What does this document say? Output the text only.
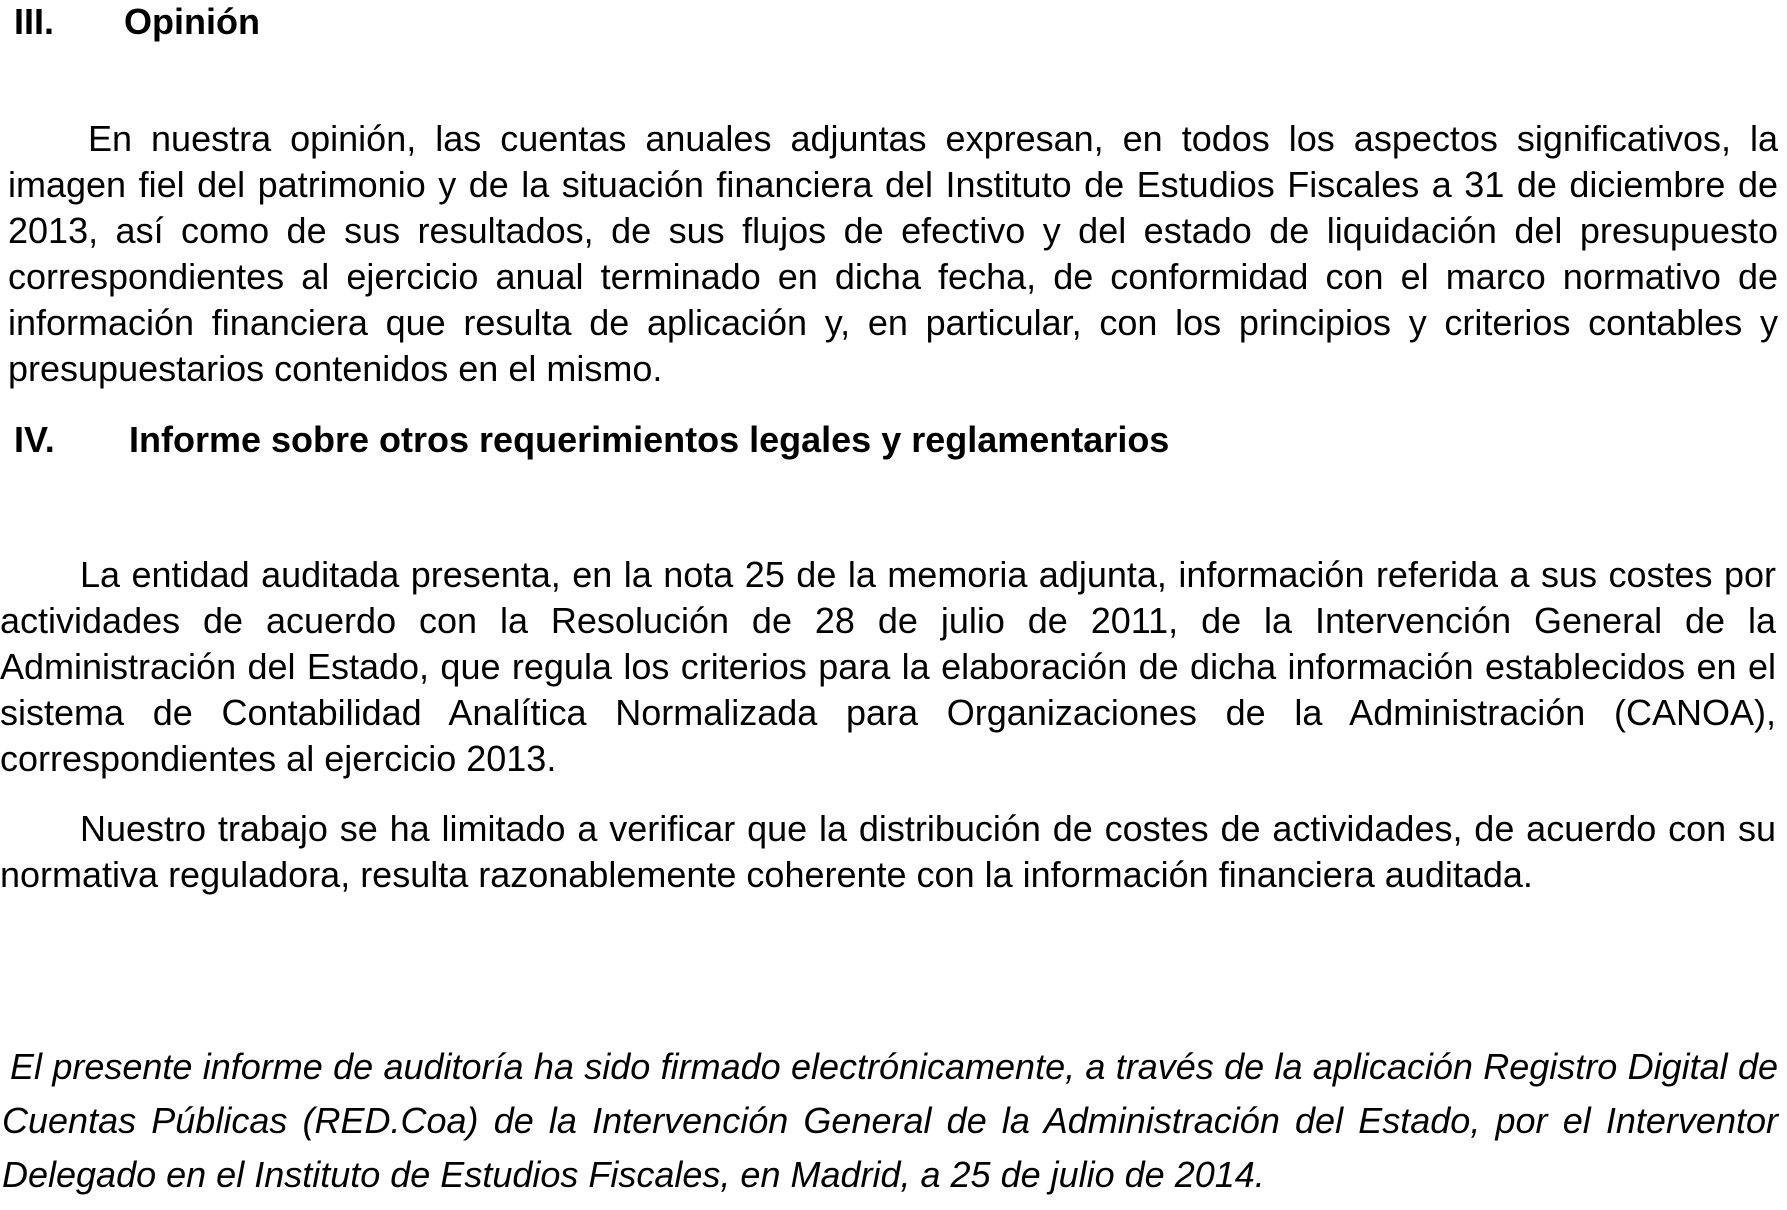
III. Opinión

En nuestra opinión, las cuentas anuales adjuntas expresan, en todos los aspectos significativos, la imagen fiel del patrimonio y de la situación financiera del Instituto de Estudios Fiscales a 31 de diciembre de 2013, así como de sus resultados, de sus flujos de efectivo y del estado de liquidación del presupuesto correspondientes al ejercicio anual terminado en dicha fecha, de conformidad con el marco normativo de información financiera que resulta de aplicación y, en particular, con los principios y criterios contables y presupuestarios contenidos en el mismo.

IV. Informe sobre otros requerimientos legales y reglamentarios

La entidad auditada presenta, en la nota 25 de la memoria adjunta, información referida a sus costes por actividades de acuerdo con la Resolución de 28 de julio de 2011, de la Intervención General de la Administración del Estado, que regula los criterios para la elaboración de dicha información establecidos en el sistema de Contabilidad Analítica Normalizada para Organizaciones de la Administración (CANOA), correspondientes al ejercicio 2013.

Nuestro trabajo se ha limitado a verificar que la distribución de costes de actividades, de acuerdo con su normativa reguladora, resulta razonablemente coherente con la información financiera auditada.

El presente informe de auditoría ha sido firmado electrónicamente, a través de la aplicación Registro Digital de Cuentas Públicas (RED.Coa) de la Intervención General de la Administración del Estado, por el Interventor Delegado en el Instituto de Estudios Fiscales, en Madrid, a 25 de julio de 2014.
